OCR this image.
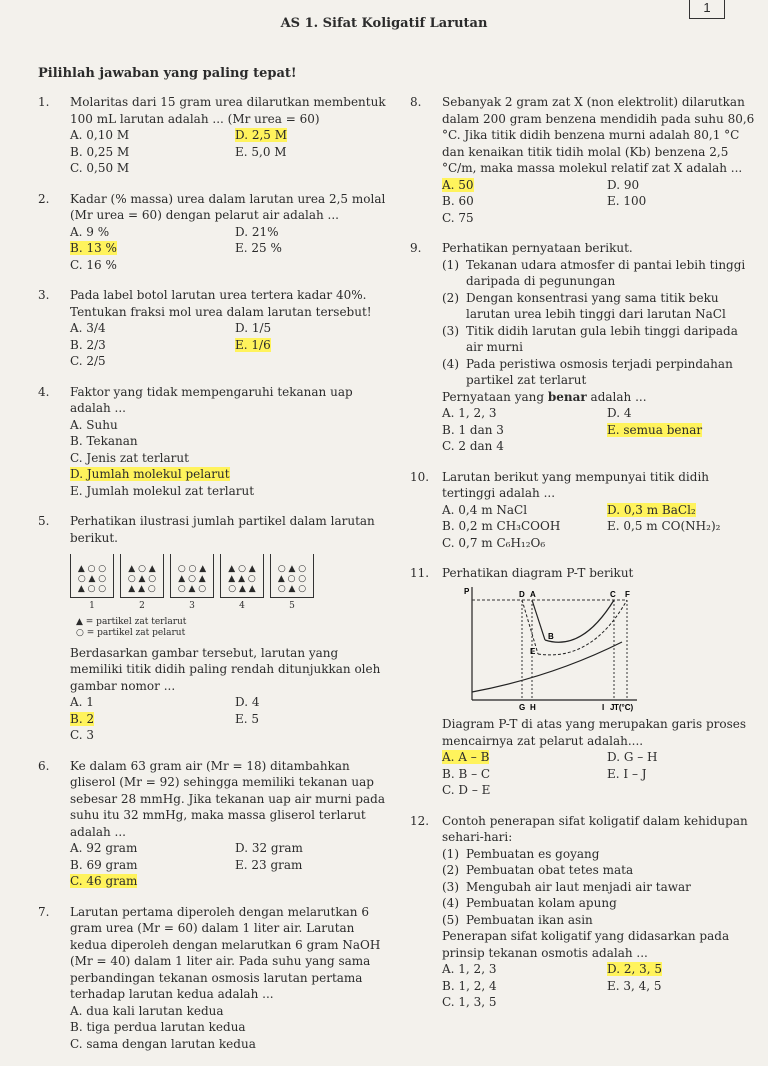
1
AS 1. Sifat Koligatif Larutan
Pilihlah jawaban yang paling tepat!
1. Molaritas dari 15 gram urea dilarutkan membentuk 100 mL larutan adalah ... (Mr urea = 60)
A. 0,10 M	D. 2,5 M
B. 0,25 M	E. 5,0 M
C. 0,50 M
2. Kadar (% massa) urea dalam larutan urea 2,5 molal (Mr urea = 60) dengan pelarut air adalah ...
A. 9 %	D. 21%
B. 13 %	E. 25 %
C. 16 %
3. Pada label botol larutan urea tertera kadar 40%. Tentukan fraksi mol urea dalam larutan tersebut!
A. 3/4	D. 1/5
B. 2/3	E. 1/6
C. 2/5
4. Faktor yang tidak mempengaruhi tekanan uap adalah ...
A. Suhu
B. Tekanan
C. Jenis zat terlarut
D. Jumlah molekul pelarut
E. Jumlah molekul zat terlarut
5. Perhatikan ilustrasi jumlah partikel dalam larutan berikut.
▲ ○ ○
○ ▲ ○
▲ ○ ○
▲ ○ ▲
○ ▲ ○
▲ ▲ ○
○ ○ ▲
▲ ○ ▲
○ ▲ ○
▲ ○ ▲
▲ ▲ ○
○ ▲ ▲
○ ▲ ○
▲ ○ ○
○ ▲ ○
1	2	3	4	5
▲ = partikel zat terlarut
○ = partikel zat pelarut
Berdasarkan gambar tersebut, larutan yang memiliki titik didih paling rendah ditunjukkan oleh gambar nomor ...
A. 1	D. 4
B. 2	E. 5
C. 3
6. Ke dalam 63 gram air (Mr = 18) ditambahkan gliserol (Mr = 92) sehingga memiliki tekanan uap sebesar 28 mmHg. Jika tekanan uap air murni pada suhu itu 32 mmHg, maka massa gliserol terlarut adalah ...
A. 92 gram	D. 32 gram
B. 69 gram	E. 23 gram
C. 46 gram
7. Larutan pertama diperoleh dengan melarutkan 6 gram urea (Mr = 60) dalam 1 liter air. Larutan kedua diperoleh dengan melarutkan 6 gram NaOH (Mr = 40) dalam 1 liter air. Pada suhu yang sama perbandingan tekanan osmosis larutan pertama terhadap larutan kedua adalah ...
A. dua kali larutan kedua
B. tiga perdua larutan kedua
C. sama dengan larutan kedua
8. Sebanyak 2 gram zat X (non elektrolit) dilarutkan dalam 200 gram benzena mendidih pada suhu 80,6 °C. Jika titik didih benzena murni adalah 80,1 °C dan kenaikan titik tidih molal (Kb) benzena 2,5 °C/m, maka massa molekul relatif zat X adalah ...
A. 50	D. 90
B. 60	E. 100
C. 75
9. Perhatikan pernyataan berikut.
(1) Tekanan udara atmosfer di pantai lebih tinggi daripada di pegunungan
(2) Dengan konsentrasi yang sama titik beku larutan urea lebih tinggi dari larutan NaCl
(3) Titik didih larutan gula lebih tinggi daripada air murni
(4) Pada peristiwa osmosis terjadi perpindahan partikel zat terlarut
Pernyataan yang benar adalah ...
A. 1, 2, 3	D. 4
B. 1 dan 3	E. semua benar
C. 2 dan 4
10. Larutan berikut yang mempunyai titik didih tertinggi adalah ...
A. 0,4 m NaCl	D. 0,3 m BaCl₂
B. 0,2 m CH₃COOH	E. 0,5 m CO(NH₂)₂
C. 0,7 m C₆H₁₂O₆
11. Perhatikan diagram P-T berikut
P
T(°C)
D A	C F
B
E
G H	I J
Diagram P-T di atas yang merupakan garis proses mencairnya zat pelarut adalah....
A. A – B	D. G – H
B. B – C	E. I – J
C. D – E
12. Contoh penerapan sifat koligatif dalam kehidupan sehari-hari:
(1) Pembuatan es goyang
(2) Pembuatan obat tetes mata
(3) Mengubah air laut menjadi air tawar
(4) Pembuatan kolam apung
(5) Pembuatan ikan asin
Penerapan sifat koligatif yang didasarkan pada prinsip tekanan osmotis adalah ...
A. 1, 2, 3	D. 2, 3, 5
B. 1, 2, 4	E. 3, 4, 5
C. 1, 3, 5
